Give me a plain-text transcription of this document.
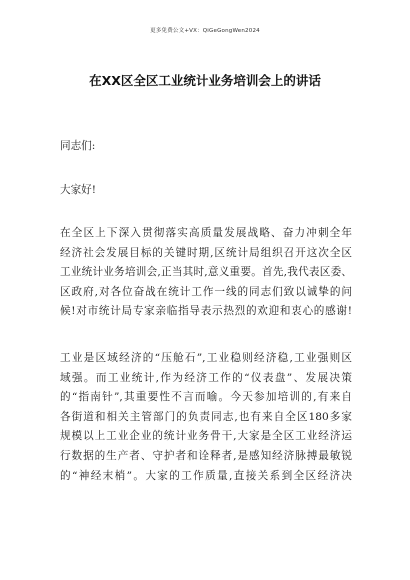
更多免费公文+VX：QiGeGongWen2024
在XX区全区工业统计业务培训会上的讲话
同志们:
大家好!
在全区上下深入贯彻落实高质量发展战略、奋力冲刺全年
经济社会发展目标的关键时期,区统计局组织召开这次全区
工业统计业务培训会,正当其时,意义重要。首先,我代表区委、
区政府,对各位奋战在统计工作一线的同志们致以诚挚的问
候!对市统计局专家亲临指导表示热烈的欢迎和衷心的感谢!
工业是区域经济的“压舱石”,工业稳则经济稳,工业强则区
域强。而工业统计,作为经济工作的“仪表盘”、发展决策
的“指南针”,其重要性不言而喻。今天参加培训的,有来自
各街道和相关主管部门的负责同志,也有来自全区180多家
规模以上工业企业的统计业务骨干,大家是全区工业经济运
行数据的生产者、守护者和诠释者,是感知经济脉搏最敏锐
的“神经末梢”。大家的工作质量,直接关系到全区经济决
